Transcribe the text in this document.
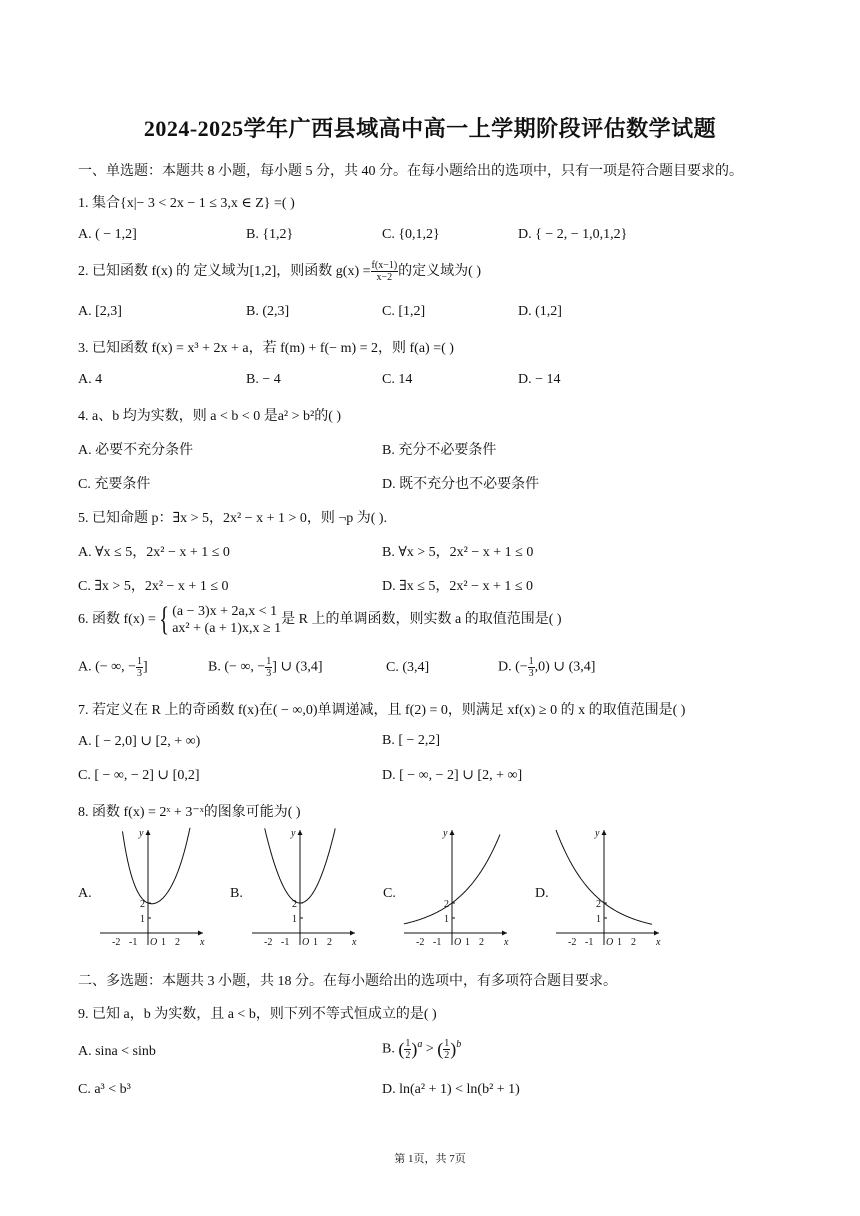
2024-2025学年广西县域高中高一上学期阶段评估数学试题
一、单选题：本题共 8 小题，每小题 5 分，共 40 分。在每小题给出的选项中，只有一项是符合题目要求的。
1. 集合{x|− 3 < 2x − 1 ≤ 3,x ∈ Z} =( )
A. ( − 1,2]	B. {1,2}	C. {0,1,2}	D. { − 2, − 1,0,1,2}
2. 已知函数 f(x) 的 定义域为[1,2]，则函数 $g(x) = \frac{f(x-1)}{x-2}$ 的定义域为( )
A. [2,3]	B. (2,3]	C. [1,2]	D. (1,2]
3. 已知函数 f(x) = x³ + 2x + a，若 f(m) + f(− m) = 2，则 f(a) =( )
A. 4	B. − 4	C. 14	D. − 14
4. a、b 均为实数，则 a < b < 0 是a² > b²的( )
A. 必要不充分条件	B. 充分不必要条件
C. 充要条件	D. 既不充分也不必要条件
5. 已知命题 p：∃x > 5，2x² − x + 1 > 0，则 ¬p 为( ).
A. ∀x ≤ 5，2x² − x + 1 ≤ 0	B. ∀x > 5，2x² − x + 1 ≤ 0
C. ∃x > 5，2x² − x + 1 ≤ 0	D. ∃x ≤ 5，2x² − x + 1 ≤ 0
6. 函数 f(x) ={ (a − 3)x + 2a,x < 1
ax² + (a + 1)x,x ≥ 1
是 R 上的单调函数，则实数 a 的取值范围是( )
A. (− ∞, − $\frac{1}{3}$ ]	B. (− ∞, − $\frac{1}{3}$ ] ∪ (3,4]	C. (3,4]	D. (− $\frac{1}{3} ,0$) ∪ (3,4]
7. 若定义在 R 上的奇函数 f(x)在( − ∞,0)单调递减，且 f(2) = 0，则满足 xf(x) ≥ 0 的 x 的取值范围是( )
A. [ − 2,0] ∪ [2, + ∞)	B. [ − 2,2]
C. [ − ∞, − 2] ∪ [0,2]	D. [ − ∞, − 2] ∪ [2, + ∞]
8. 函数 f(x) = 2ˣ + 3⁻ˣ的图象可能为( )
A.	B.	C.	D.
y
x
O
-2 -1 1 2
1
2
y
x
O
-2 -1 1 2
1
2
y
x
O
-2 -1 1 2
1
2
y
x
O
-2 -1 1 2
1
2
二、多选题：本题共 3 小题，共 18 分。在每小题给出的选项中，有多项符合题目要求。
9. 已知 a，b 为实数，且 a < b，则下列不等式恒成立的是( )
A. sina < sinb	B. ( $\frac{1}{2} )^a$ > ( $\frac{1}{2} )^b$
C. a³ < b³	D. ln(a² + 1) < ln(b² + 1)
第 1页，共 7页
